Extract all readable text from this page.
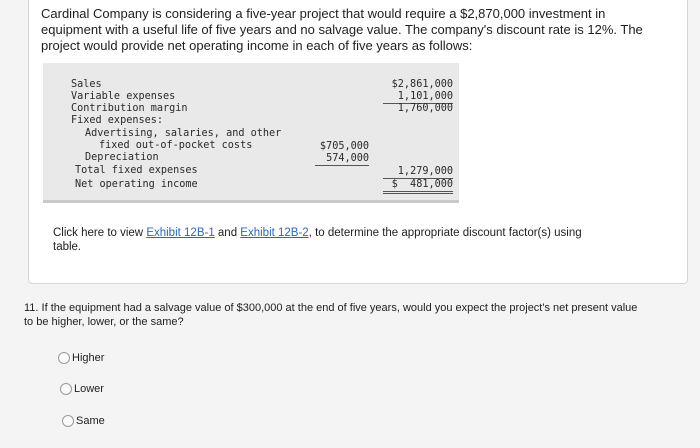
Cardinal Company is considering a five-year project that would require a $2,870,000 investment in
equipment with a useful life of five years and no salvage value. The company's discount rate is 12%. The
project would provide net operating income in each of five years as follows:
Sales	$2,861,000
Variable expenses	1,101,000
Contribution margin	1,760,000
Fixed expenses:
Advertising, salaries, and other
fixed out-of-pocket costs	$705,000
Depreciation	574,000
Total fixed expenses	1,279,000
Net operating income	$  481,000
Click here to view Exhibit 12B-1 and Exhibit 12B-2, to determine the appropriate discount factor(s) using
table.
11. If the equipment had a salvage value of $300,000 at the end of five years, would you expect the project's net present value
to be higher, lower, or the same?
Higher
Lower
Same
